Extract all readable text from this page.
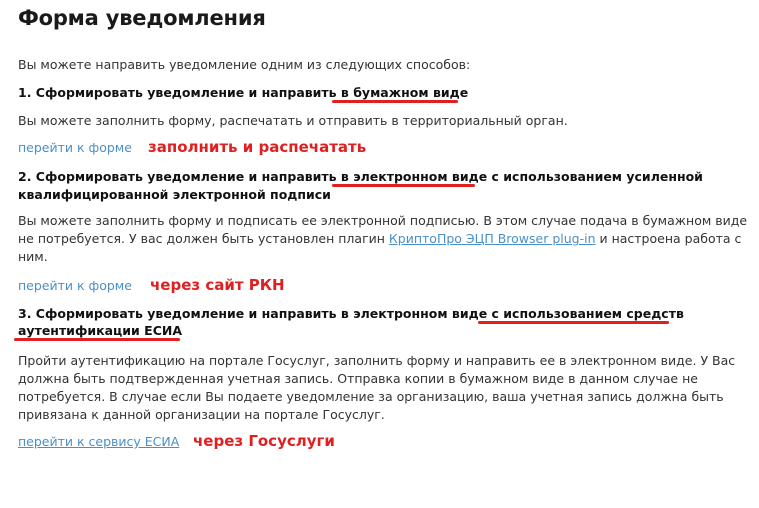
Форма уведомления
Вы можете направить уведомление одним из следующих способов:
1. Сформировать уведомление и направить в бумажном виде
Вы можете заполнить форму, распечатать и отправить в территориальный орган.
перейти к форме заполнить и распечатать
2. Сформировать уведомление и направить в электронном виде с использованием усиленной
квалифицированной электронной подписи
Вы можете заполнить форму и подписать ее электронной подписью. В этом случае подача в бумажном виде
не потребуется. У вас должен быть установлен плагин КриптоПро ЭЦП Browser plug-in и настроена работа с
ним.
перейти к форме через сайт РКН
3. Сформировать уведомление и направить в электронном виде с использованием средств
аутентификации ЕСИА
Пройти аутентификацию на портале Госуслуг, заполнить форму и направить ее в электронном виде. У Вас
должна быть подтвержденная учетная запись. Отправка копии в бумажном виде в данном случае не
потребуется. В случае если Вы подаете уведомление за организацию, ваша учетная запись должна быть
привязана к данной организации на портале Госуслуг.
перейти к сервису ЕСИА через Госуслуги
